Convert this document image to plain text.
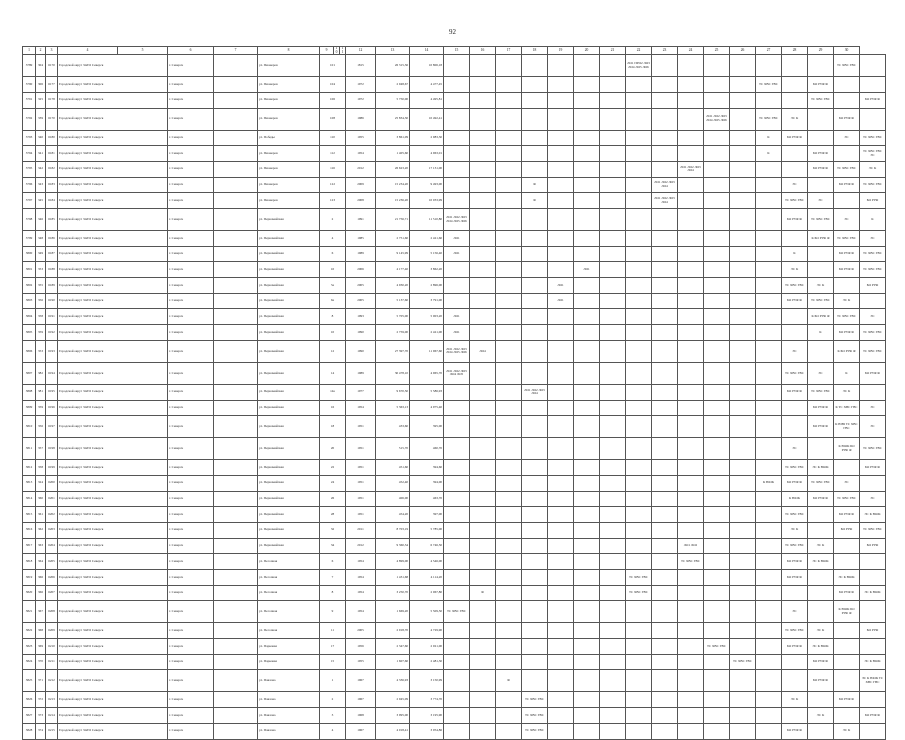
92
1	2	3	4	5	6	7	8	9	10	11	12	13	14	15	16	17	18	19	20	21	22	23	24	25	26	27	28	29	30	
3789	304	6170	Городской округ ЗАТО Северск		г. Северск		ул. Пионеров	101			1815	26 315,36	10 806,18								ЛО1 ПРО2 ЛО3 ЛО4 ЛО5 ЛО6								ТС ХВС ГВС	
3790	306	6177	Городской округ ЗАТО Северск		г. Северск		ул. Пионеров	104			1972	2 948,67	4 477,45													ТС ХВС ГВС		БО РУФ Ф		
3791	325	6178	Городской округ ЗАТО Северск		г. Северск		ул. Пионеров	106			1972	5 750,00	4 495,81															ТС ХВС ГВС		БО РУФ Ф
3792	339	6170	Городской округ ЗАТО Северск		г. Северск		ул. Пионеров	108			1986	25 834,30	10 492,41											ЛО1 ЛО2 ЛО3 ЛО4 ЛО5 ЛО6		ТС ХВС ГВС	ЭС К		БО РУФ Ф	
3793	340	6180	Городской округ ЗАТО Северск		г. Северск		ул. Победы	110			1955	3 861,09	2 983,30													К	БО РУФ Ф		ЭС	ТС ХВС ГВС
3794	341	6181	Городской округ ЗАТО Северск		г. Северск		ул. Пионеров	112			1954	1 405,60	4 963,01													К		БО РУФ Ф		ТС ХВС ГВС ЭС
3795	342	6182	Городской округ ЗАТО Северск		г. Северск		ул. Пионеров	116			2012	26 623,20	17 131,00										ЛО1 ЛО2 ЛО3 ЛО4					БО РУФ Ф	ТС ХВС ГВС	ЭС К
3796	343	6183	Городской округ ЗАТО Северск		г. Северск		ул. Пионеров	122			2009	15 234,20	9 493,00				Ф					ЛО1 ЛО2 ЛО3 ЛО4					ЭС		БО РУФ Ф	ТС ХВС ГВС
3797	345	6184	Городской округ ЗАТО Северск		г. Северск		ул. Пионеров	123			2008	15 236,20	10 033,99				Ф					ЛО1 ЛО2 ЛО3 ЛО4					ТС ХВС ГВС	ЭС		БО РУФ
3798	346	6185	Городской округ ЗАТО Северск		г. Северск		ул. Первомайская	2			1991	21 756,71	11 510,80	ЛО1 ЛО2 ЛО3 ЛО4 ЛО5 ЛО6													БО РУФ Ф	ТС ХВС ГВС	ЭС	К
3799	348	6186	Городской округ ЗАТО Северск		г. Северск		ул. Первомайская	4			1985	2 751,60	2 421,60	ЛО1														К БО РУФ Ф	ТС ХВС ГВС	ЭС
3800	349	6187	Городской округ ЗАТО Северск		г. Северск		ул. Первомайская	6			1989	9 145,99	5 156,40	ЛО1													К		БО РУФ Ф	ТС ХВС ГВС
3801	353	6188	Городской округ ЗАТО Северск		г. Северск		ул. Первомайская	10			2006	4 177,40	3 862,20						ЛО1								ЭС К		БО РУФ Ф	ТС ХВС ГВС
3802	355	6189	Городской округ ЗАТО Северск		г. Северск		ул. Первомайская	5а			2005	4 930,20	2 896,00					ЛО1									ТС ХВС ГВС	ЭС К		БО РУФ
3803	356	6190	Городской округ ЗАТО Северск		г. Северск		ул. Первомайская	6а			2005	5 137,60	3 791,00					ЛО1									БО РУФ Ф	ТС ХВС ГВС	ЭС К	
3804	358	6191	Городской округ ЗАТО Северск		г. Северск		ул. Первомайская	8			1993	5 705,00	5 003,20	ЛО1														К БО РУФ Ф	ТС ХВС ГВС	ЭС
3805	359	6192	Городской округ ЗАТО Северск		г. Северск		ул. Первомайская	10			1990	2 759,00	2 421,00	ЛО1														К	БО РУФ Ф	ТС ХВС ГВС
3806	353	6193	Городской округ ЗАТО Северск		г. Северск		ул. Первомайская	12			1990	27 397,70	11 967,60	ЛО1 ЛО2 ЛО3 ЛО4 ЛО5 ЛО6	ЛО4												ЭС		К БО РУФ Ф	ТС ХВС ГВС
3807	382	6194	Городской округ ЗАТО Северск		г. Северск		ул. Первомайская	14			1989	30 478,10	4 965,70	ЛО1 ЛО2 ЛО3 ЛО4 ЛО5													ТС ХВС ГВС	ЭС	К	БО РУФ Ф
3808	381	6195	Городской округ ЗАТО Северск		г. Северск		ул. Первомайская	14а			1977	9 670,50	5 586,93				ЛО1 ЛО2 ЛО3 ЛО4										БО РУФ Ф	ТС ХВС ГВС	ЭС К	
3809	359	6196	Городской округ ЗАТО Северск		г. Северск		ул. Первомайская	16			1954	5 363,13	4 975,40															БО РУФ Ф	К ТС ХВС ГВС	ЭС
3810	356	6197	Городской округ ЗАТО Северск		г. Северск		ул. Первомайская	18			1951	433,60	395,00															БО РУФ Ф	К ЮЮ ТС ХВС ГВС	ЭС
3811	357	6198	Городской округ ЗАТО Северск		г. Северск		ул. Первомайская	20			1951	515,70	460,70														ЭС		К ЮОК БО РУФ Ф	ТС ХВС ГВС
3812	358	6199	Городской округ ЗАТО Северск		г. Северск		ул. Первомайская	22			1951	451,60	394,60														ТС ХВС ГВС	ЭС К ЮОК		БО РУФ Ф
3813	324	6200	Городской округ ЗАТО Северск		г. Северск		ул. Первомайская	24			1951	452,40	394,00													К ЮОК	БО РУФ Ф	ТС ХВС ГВС	ЭС	
3814	360	6201	Городской округ ЗАТО Северск		г. Северск		ул. Первомайская	26			1951	406,00	463,70														К ЮОК	БО РУФ Ф	ТС ХВС ГВС	ЭС
3815	361	6202	Городской округ ЗАТО Северск		г. Северск		ул. Первомайская	28			1951	454,20	397,00														ТС ХВС ГВС		БО РУФ Ф	ЭС К ЮОК
3816	362	6203	Городской округ ЗАТО Северск		г. Северск		ул. Первомайская	32			2011	8 703,19	5 785,00														ЭС К		БО РУФ	ТС ХВС ГВС
3817	363	6204	Городской округ ЗАТО Северск		г. Северск		ул. Первомайская	34			2012	9 360,34	6 746,50										ЛО1 ЛО2				ТС ХВС ГВС	ЭС К		БО РУФ
3818	364	6205	Городской округ ЗАТО Северск		г. Северск		ул. Песочная	6			1954	4 899,00	4 546,00										ТС ХВС ГВС				БО РУФ Ф	ЭС К ЮОК		
3819	366	6206	Городской округ ЗАТО Северск		г. Северск		ул. Песочная	7			1954	1 431,68	4 114,20								ТС ХВС ГВС						БО РУФ Ф		ЭС К ЮОК	
3820	366	6207	Городской округ ЗАТО Северск		г. Северск		ул. Песочная	8			1954	3 250,70	2 067,80		Ф						ТС ХВС ГВС								БО РУФ Ф	ЭС К ЮОК
3821	367	6208	Городской округ ЗАТО Северск		г. Северск		ул. Песочная	9			1954	1 669,20	5 509,50	ТС ХВС ГВС													ЭС		К ЮОК БО РУФ Ф	
3822	368	6209	Городской округ ЗАТО Северск		г. Северск		ул. Песочная	11			2005	2 918,70	4 729,90														ТС ХВС ГВС	ЭС К		БО РУФ
3823	369	6210	Городской округ ЗАТО Северск		г. Северск		ул. Парковая	17			1956	2 347,60	2 021,00											ТС ХВС ГВС			БО РУФ Ф	ЭС К ЮОК		
3824	370	6211	Городской округ ЗАТО Северск		г. Северск		ул. Парковая	15			1955	1 607,60	2 481,30												ТС ХВС ГВС			БО РУФ Ф		ЭС К ЮОК
3825	371	6212	Городской округ ЗАТО Северск		г. Северск		ул. Павлова	1			1967	4 336,93	3 150,99			Ф												БО РУФ Ф		ЭС К ЮОК ТС ХВС ГВС
3826	372	6213	Городской округ ЗАТО Северск		г. Северск		ул. Павлова	2			1967	2 945,09	3 774,70				ТС ХВС ГВС										ЭС К		БО РУФ Ф	
3827	373	6214	Городской округ ЗАТО Северск		г. Северск		ул. Павлова	3			1968	3 995,00	3 195,90				ТС ХВС ГВС											ЭС К		БО РУФ Ф
3828	374	6215	Городской округ ЗАТО Северск		г. Северск		ул. Павлова	4			1967	4 018,41	3 054,86				ТС ХВС ГВС										БО РУФ Ф		ЭС К	
